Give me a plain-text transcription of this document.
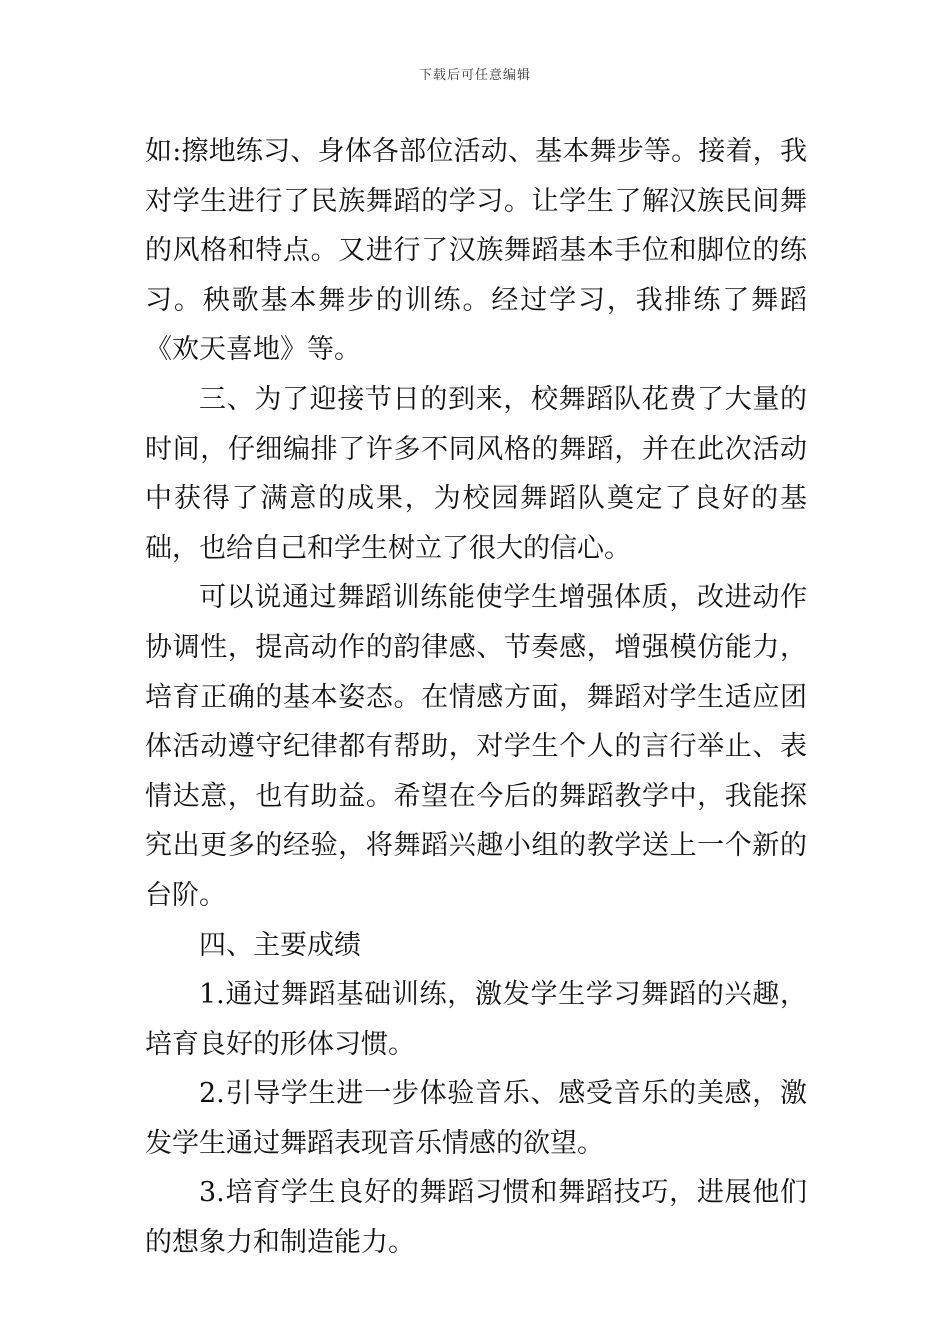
下载后可任意编辑

如:擦地练习、身体各部位活动、基本舞步等。接着，我对学生进行了民族舞蹈的学习。让学生了解汉族民间舞的风格和特点。又进行了汉族舞蹈基本手位和脚位的练习。秧歌基本舞步的训练。经过学习，我排练了舞蹈《欢天喜地》等。

三、为了迎接节日的到来，校舞蹈队花费了大量的时间，仔细编排了许多不同风格的舞蹈，并在此次活动中获得了满意的成果，为校园舞蹈队奠定了良好的基础，也给自己和学生树立了很大的信心。

可以说通过舞蹈训练能使学生增强体质，改进动作协调性，提高动作的韵律感、节奏感，增强模仿能力，培育正确的基本姿态。在情感方面，舞蹈对学生适应团体活动遵守纪律都有帮助，对学生个人的言行举止、表情达意，也有助益。希望在今后的舞蹈教学中，我能探究出更多的经验，将舞蹈兴趣小组的教学送上一个新的台阶。

四、主要成绩

1.通过舞蹈基础训练，激发学生学习舞蹈的兴趣，培育良好的形体习惯。

2.引导学生进一步体验音乐、感受音乐的美感，激发学生通过舞蹈表现音乐情感的欲望。

3.培育学生良好的舞蹈习惯和舞蹈技巧，进展他们的想象力和制造能力。
